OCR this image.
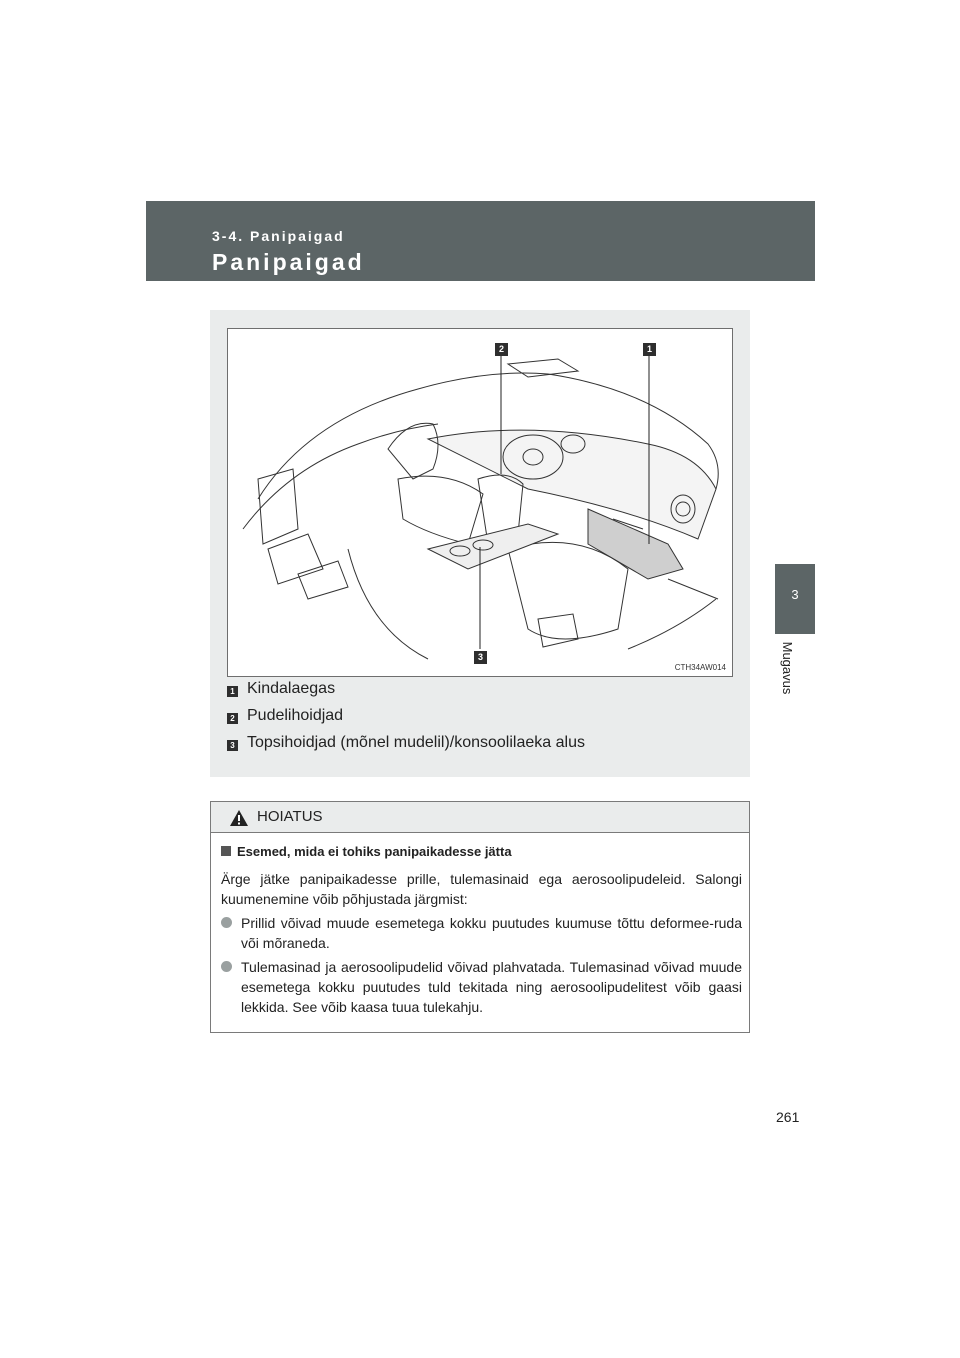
3-4. Panipaigad
Panipaigad
3
Mugavus
1
2
3
CTH34AW014
1 Kindalaegas
2 Pudelihoidjad
3 Topsihoidjad (mõnel mudelil)/konsoolilaeka alus
HOIATUS
Esemed, mida ei tohiks panipaikadesse jätta
Ärge jätke panipaikadesse prille, tulemasinaid ega aerosoolipudeleid. Salongi kuumenemine võib põhjustada järgmist:
Prillid võivad muude esemetega kokku puutudes kuumuse tõttu deformee-ruda või mõraneda.
Tulemasinad ja aerosoolipudelid võivad plahvatada. Tulemasinad võivad muude esemetega kokku puutudes tuld tekitada ning aerosoolipudelitest võib gaasi lekkida. See võib kaasa tuua tulekahju.
261
